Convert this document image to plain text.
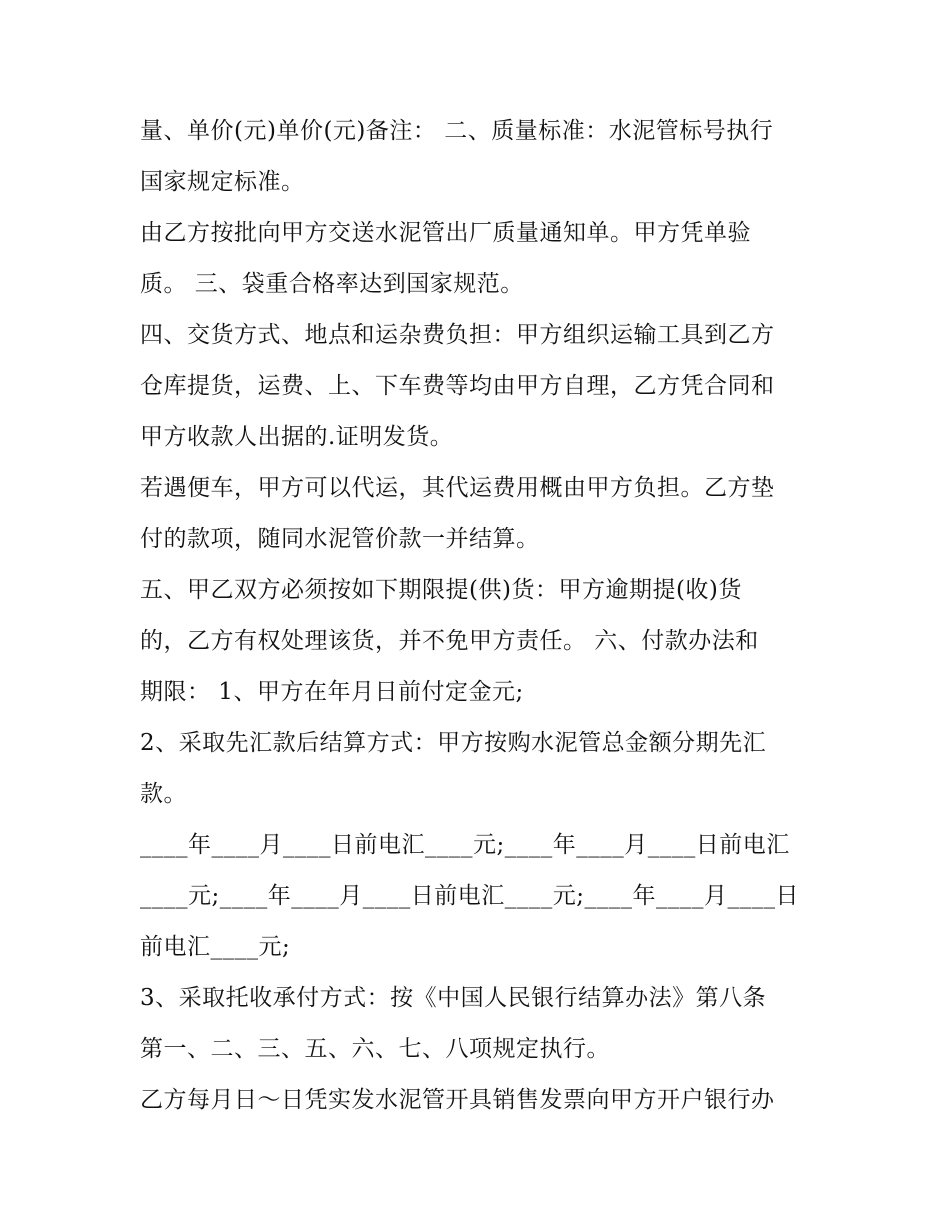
量、单价(元)单价(元)备注： 二、质量标准：水泥管标号执行
国家规定标准。
由乙方按批向甲方交送水泥管出厂质量通知单。甲方凭单验
质。 三、袋重合格率达到国家规范。
四、交货方式、地点和运杂费负担：甲方组织运输工具到乙方
仓库提货，运费、上、下车费等均由甲方自理，乙方凭合同和
甲方收款人出据的.证明发货。
若遇便车，甲方可以代运，其代运费用概由甲方负担。乙方垫
付的款项，随同水泥管价款一并结算。
五、甲乙双方必须按如下期限提(供)货：甲方逾期提(收)货
的，乙方有权处理该货，并不免甲方责任。 六、付款办法和
期限： 1、甲方在年月日前付定金元;
2、采取先汇款后结算方式：甲方按购水泥管总金额分期先汇
款。
____年____月____日前电汇____元;____年____月____日前电汇
____元;____年____月____日前电汇____元;____年____月____日
前电汇____元;
3、采取托收承付方式：按《中国人民银行结算办法》第八条
第一、二、三、五、六、七、八项规定执行。
乙方每月日～日凭实发水泥管开具销售发票向甲方开户银行办
